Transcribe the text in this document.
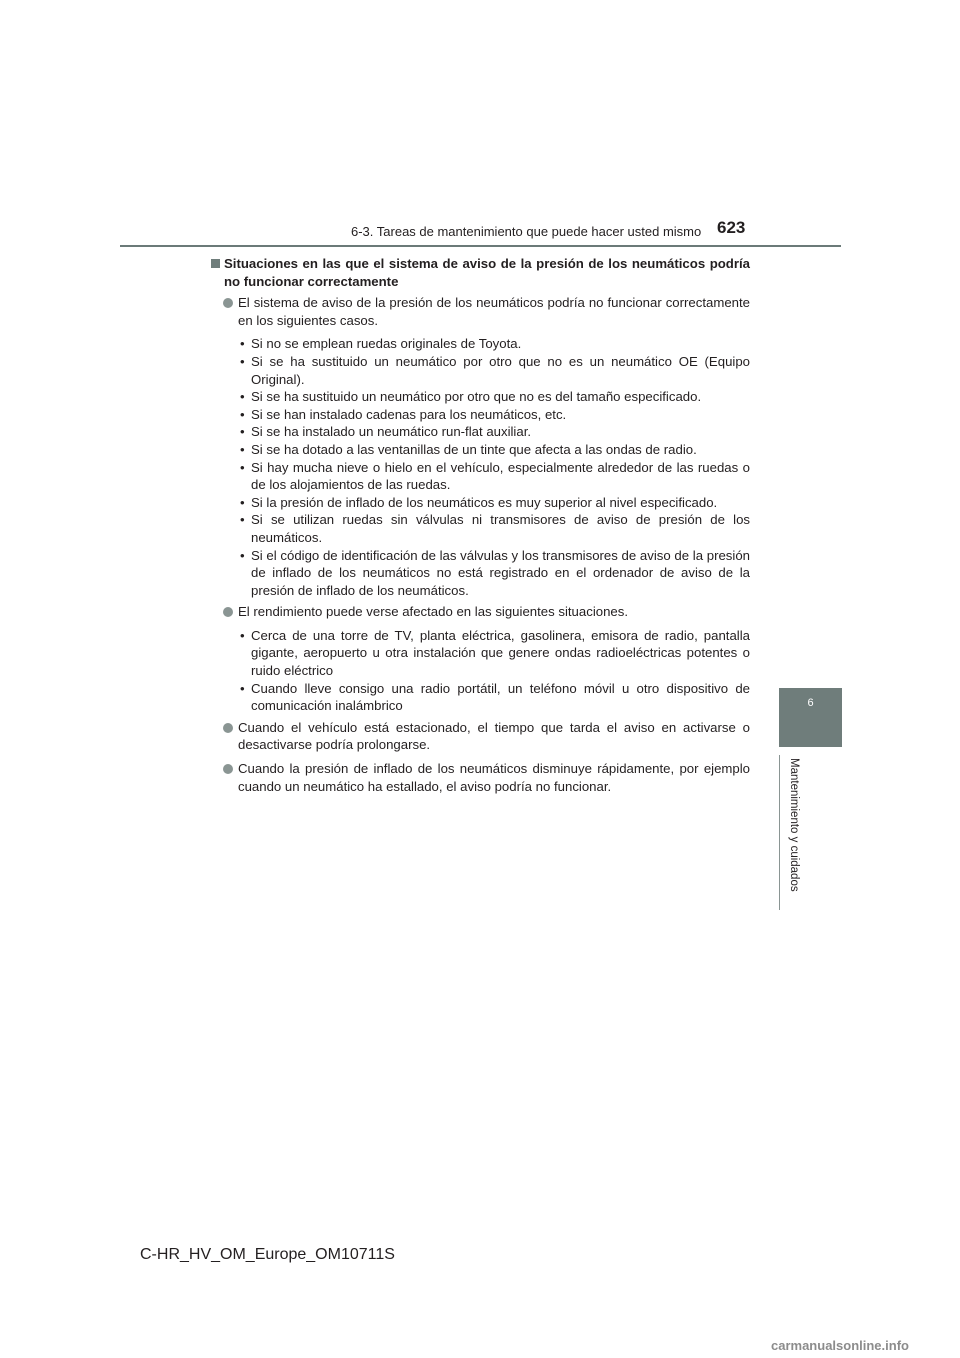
6-3. Tareas de mantenimiento que puede hacer usted mismo 623
6
Mantenimiento y cuidados
Situaciones en las que el sistema de aviso de la presión de los neumáticos podría no funcionar correctamente
El sistema de aviso de la presión de los neumáticos podría no funcionar correctamente en los siguientes casos.
• Si no se emplean ruedas originales de Toyota.
• Si se ha sustituido un neumático por otro que no es un neumático OE (Equipo Original).
• Si se ha sustituido un neumático por otro que no es del tamaño especificado.
• Si se han instalado cadenas para los neumáticos, etc.
• Si se ha instalado un neumático run-flat auxiliar.
• Si se ha dotado a las ventanillas de un tinte que afecta a las ondas de radio.
• Si hay mucha nieve o hielo en el vehículo, especialmente alrededor de las ruedas o de los alojamientos de las ruedas.
• Si la presión de inflado de los neumáticos es muy superior al nivel especificado.
• Si se utilizan ruedas sin válvulas ni transmisores de aviso de presión de los neumáticos.
• Si el código de identificación de las válvulas y los transmisores de aviso de la presión de inflado de los neumáticos no está registrado en el ordenador de aviso de la presión de inflado de los neumáticos.
El rendimiento puede verse afectado en las siguientes situaciones.
• Cerca de una torre de TV, planta eléctrica, gasolinera, emisora de radio, pantalla gigante, aeropuerto u otra instalación que genere ondas radioeléctricas potentes o ruido eléctrico
• Cuando lleve consigo una radio portátil, un teléfono móvil u otro dispositivo de comunicación inalámbrico
Cuando el vehículo está estacionado, el tiempo que tarda el aviso en activarse o desactivarse podría prolongarse.
Cuando la presión de inflado de los neumáticos disminuye rápidamente, por ejemplo cuando un neumático ha estallado, el aviso podría no funcionar.
C-HR_HV_OM_Europe_OM10711S
carmanualsonline.info
